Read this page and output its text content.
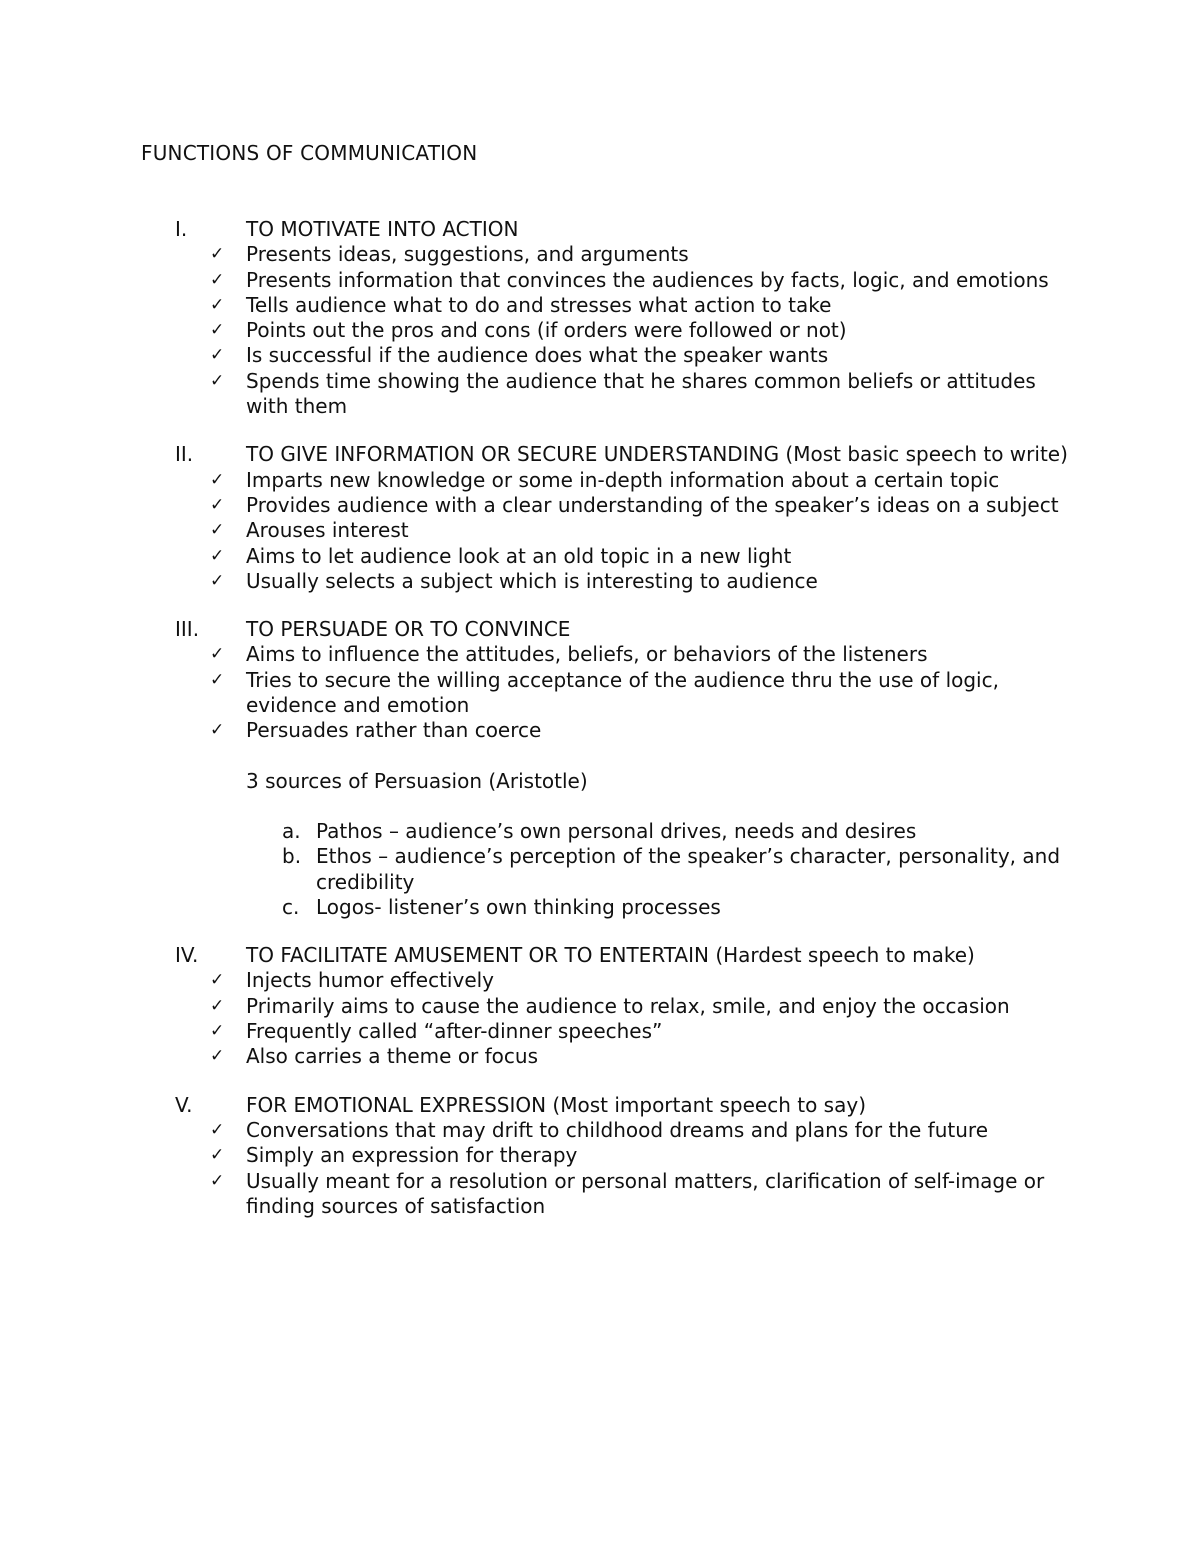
FUNCTIONS OF COMMUNICATION
I.	TO MOTIVATE INTO ACTION
✓	Presents ideas, suggestions, and arguments
✓	Presents information that convinces the audiences by facts, logic, and emotions
✓	Tells audience what to do and stresses what action to take
✓	Points out the pros and cons (if orders were followed or not)
✓	Is successful if the audience does what the speaker wants
✓	Spends time showing the audience that he shares common beliefs or attitudes with them
II.	TO GIVE INFORMATION OR SECURE UNDERSTANDING (Most basic speech to write)
✓	Imparts new knowledge or some in-depth information about a certain topic
✓	Provides audience with a clear understanding of the speaker’s ideas on a subject
✓	Arouses interest
✓	Aims to let audience look at an old topic in a new light
✓	Usually selects a subject which is interesting to audience
III.	TO PERSUADE OR TO CONVINCE
✓	Aims to influence the attitudes, beliefs, or behaviors of the listeners
✓	Tries to secure the willing acceptance of the audience thru the use of logic, evidence and emotion
✓	Persuades rather than coerce
3 sources of Persuasion (Aristotle)
a. Pathos – audience’s own personal drives, needs and desires
b. Ethos – audience’s perception of the speaker’s character, personality, and credibility
c. Logos- listener’s own thinking processes
IV.	TO FACILITATE AMUSEMENT OR TO ENTERTAIN (Hardest speech to make)
✓	Injects humor effectively
✓	Primarily aims to cause the audience to relax, smile, and enjoy the occasion
✓	Frequently called “after-dinner speeches”
✓	Also carries a theme or focus
V.	FOR EMOTIONAL EXPRESSION (Most important speech to say)
✓	Conversations that may drift to childhood dreams and plans for the future
✓	Simply an expression for therapy
✓	Usually meant for a resolution or personal matters, clarification of self-image or finding sources of satisfaction
